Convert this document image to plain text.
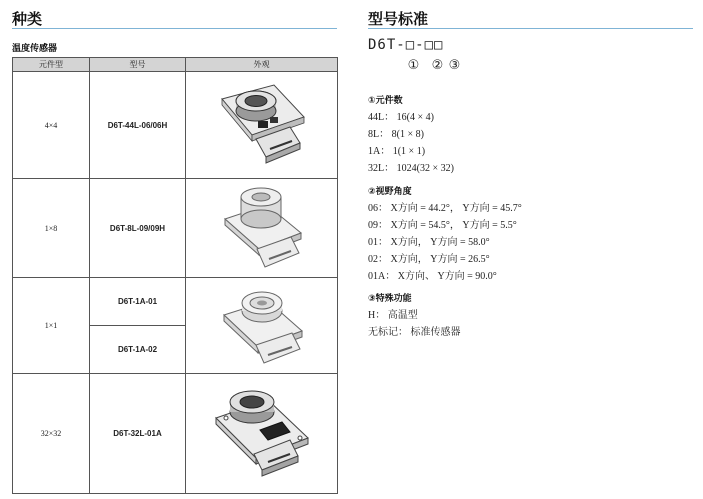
种类
温度传感器
元件型	型号	外观
4×4	D6T-44L-06/06H	

1×8	D6T-8L-09/09H	

1×1	D6T-1A-01	

	D6T-1A-02	
32×32	D6T-32L-01A	
型号标准
D6T-□-□□
① ② ③
①元件数
44L： 16(4 × 4)
8L： 8(1 × 8)
1A： 1(1 × 1)
32L： 1024(32 × 32)
②视野角度
06： X方向 = 44.2°， Y方向 = 45.7°
09： X方向 = 54.5°， Y方向 = 5.5°
01： X方向， Y方向 = 58.0°
02： X方向， Y方向 = 26.5°
01A： X方向、 Y方向 = 90.0°
③特殊功能
H： 高温型
无标记： 标准传感器
